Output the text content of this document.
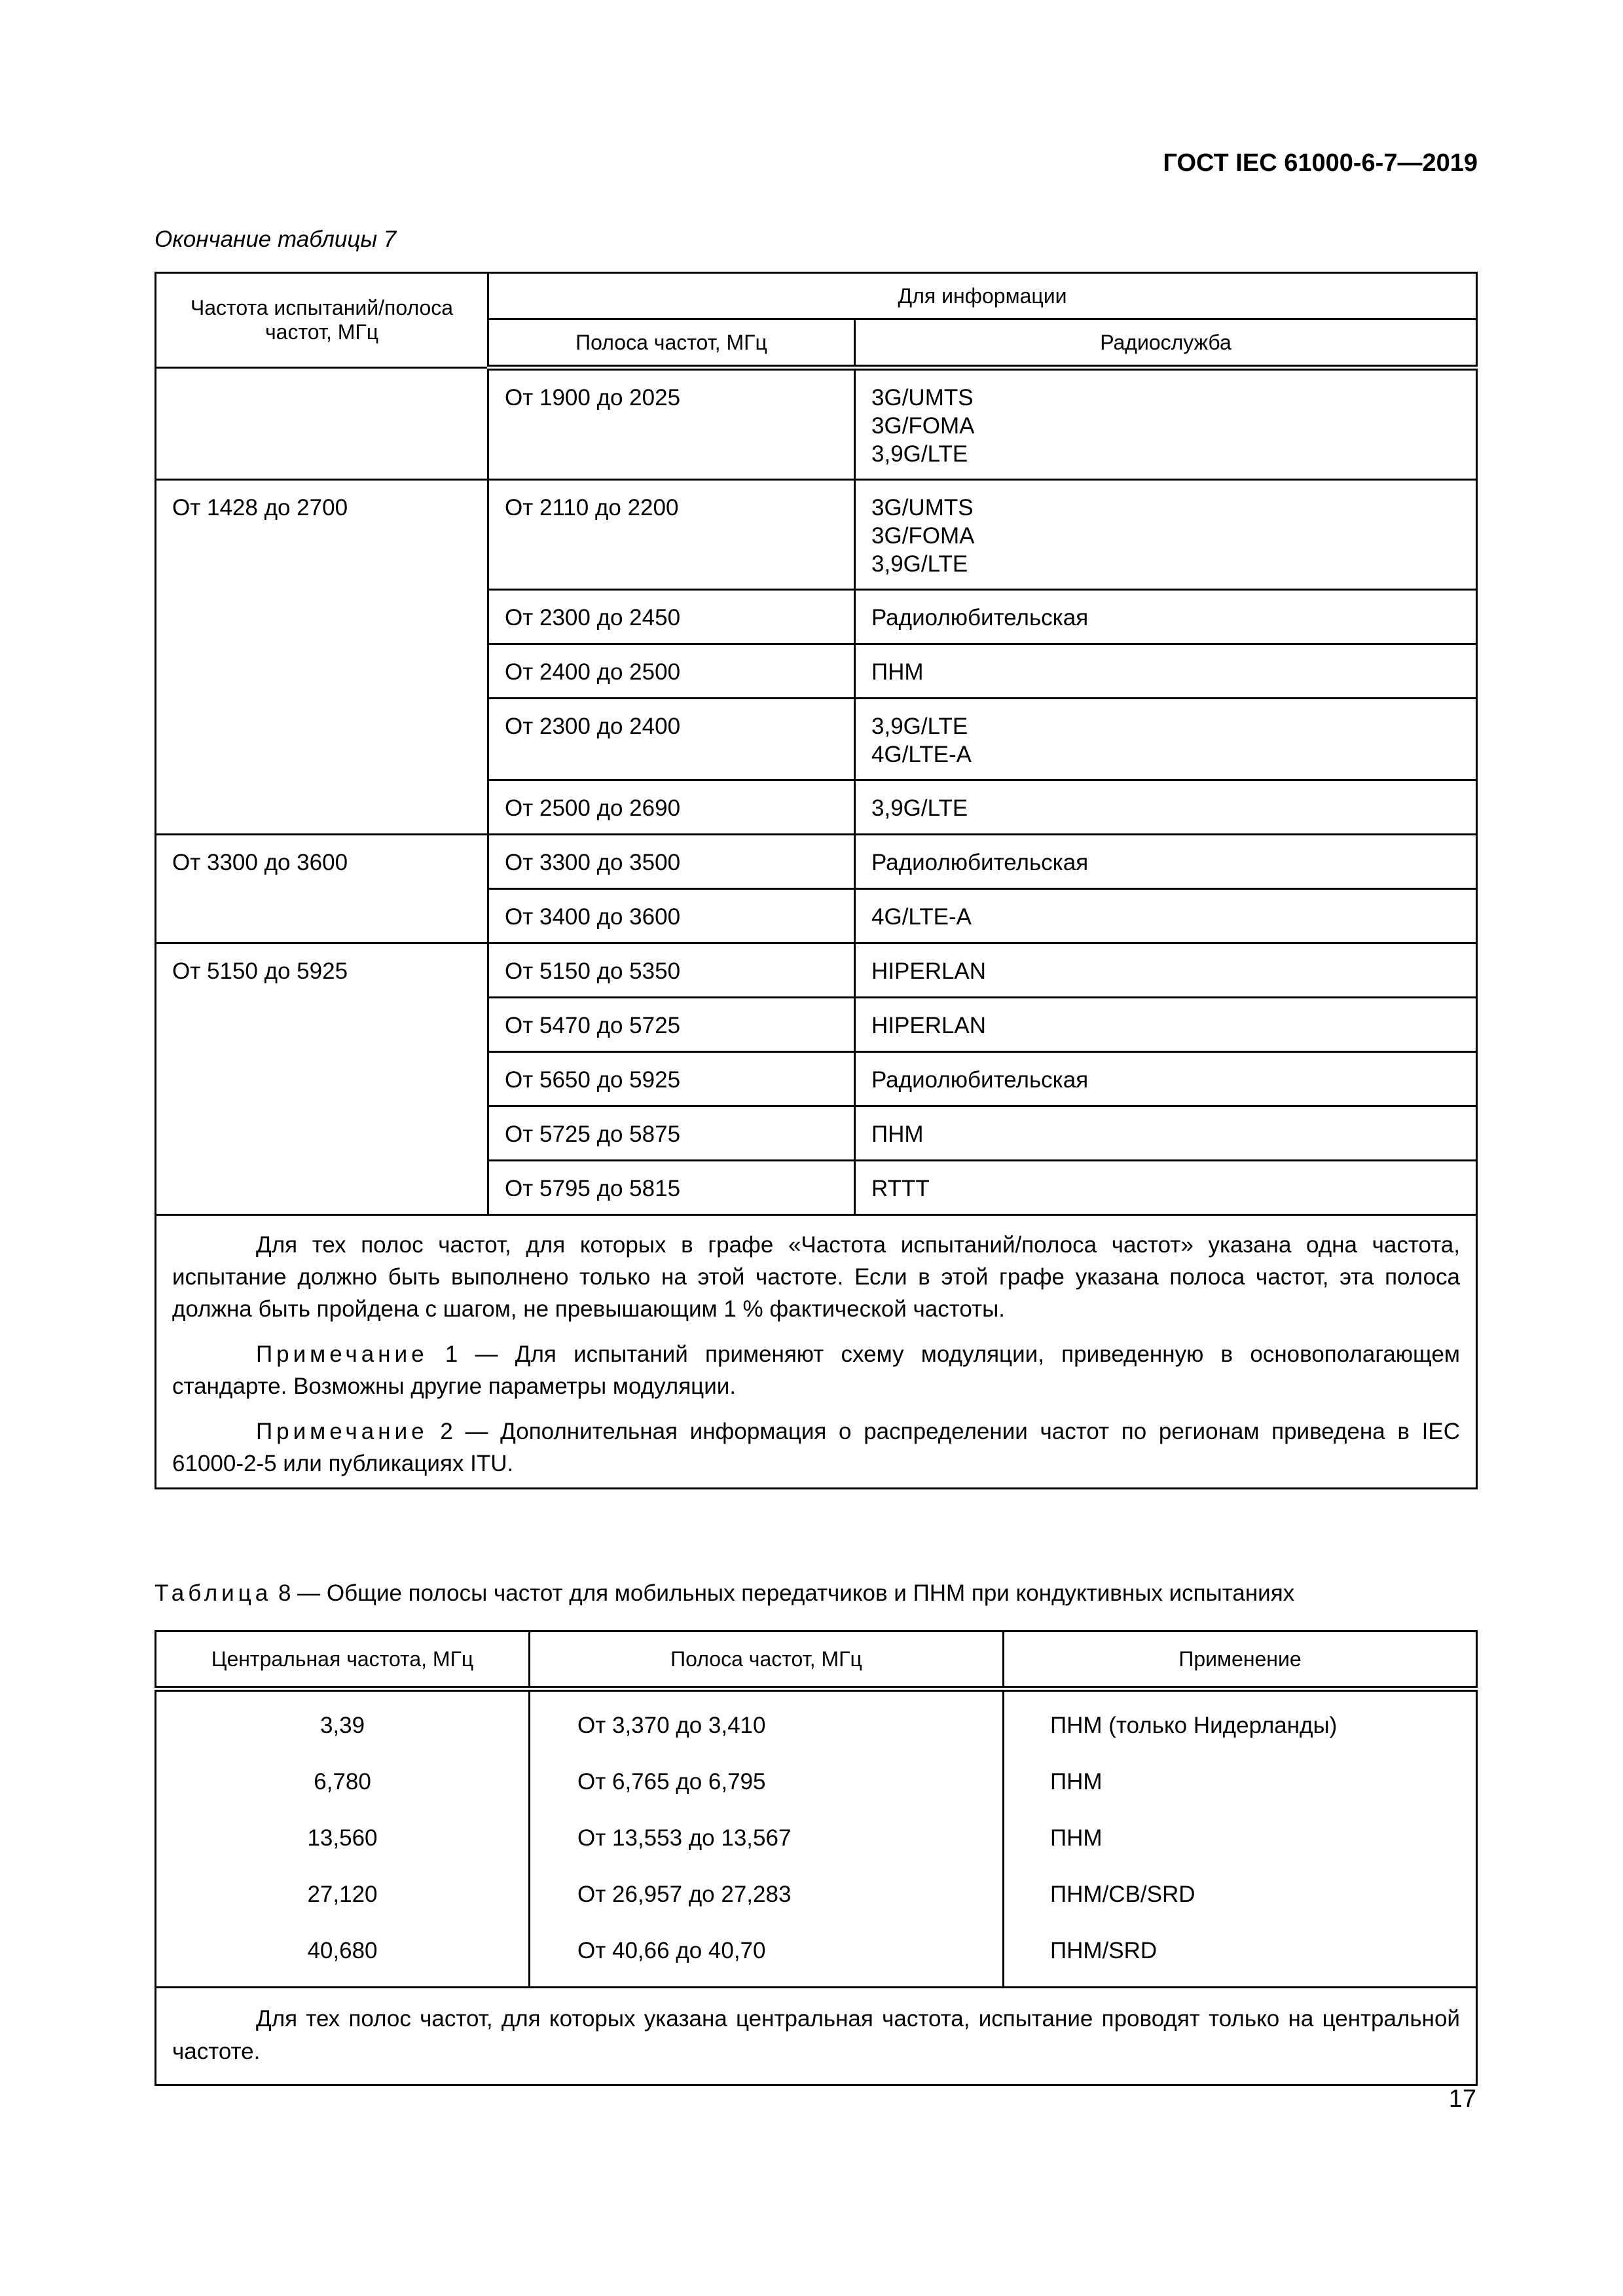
ГОСТ IEC 61000-6-7—2019
Окончание таблицы 7
Частота испытаний/полоса частот, МГц	Для информации	
	Полоса частот, МГц	Радиослужба
	От 1900 до 2025	3G/UMTS
3G/FOMA
3,9G/LTE

От 1428 до 2700	От 2110 до 2200	3G/UMTS
3G/FOMA
3,9G/LTE

	От 2300 до 2450	Радиолюбительская

	От 2400 до 2500	ПНМ

	От 2300 до 2400	3,9G/LTE
4G/LTE-A

	От 2500 до 2690	3,9G/LTE

От 3300 до 3600	От 3300 до 3500	Радиолюбительская

	От 3400 до 3600	4G/LTE-A

От 5150 до 5925	От 5150 до 5350	HIPERLAN

	От 5470 до 5725	HIPERLAN

	От 5650 до 5925	Радиолюбительская

	От 5725 до 5875	ПНМ

	От 5795 до 5815	RTTT

Для тех полос частот, для которых в графе «Частота испытаний/полоса частот» указана одна частота, испытание должно быть выполнено только на этой частоте. Если в этой графе указана полоса частот, эта полоса должна быть пройдена с шагом, не превышающим 1 % фактической частоты.

Примечание 1 — Для испытаний применяют схему модуляции, приведенную в основополагающем стандарте. Возможны другие параметры модуляции.

Примечание 2 — Дополнительная информация о распределении частот по регионам приведена в IEC 61000-2-5 или публикациях ITU.		

Таблица 8 — Общие полосы частот для мобильных передатчиков и ПНМ при кондуктивных испытаниях
Центральная частота, МГц	Полоса частот, МГц	Применение
3,39	От 3,370 до 3,410	ПНМ (только Нидерланды)
6,780	От 6,765 до 6,795	ПНМ
13,560	От 13,553 до 13,567	ПНМ
27,120	От 26,957 до 27,283	ПНМ/CB/SRD
40,680	От 40,66 до 40,70	ПНМ/SRD

Для тех полос частот, для которых указана центральная частота, испытание проводят только на центральной частоте.		

17
